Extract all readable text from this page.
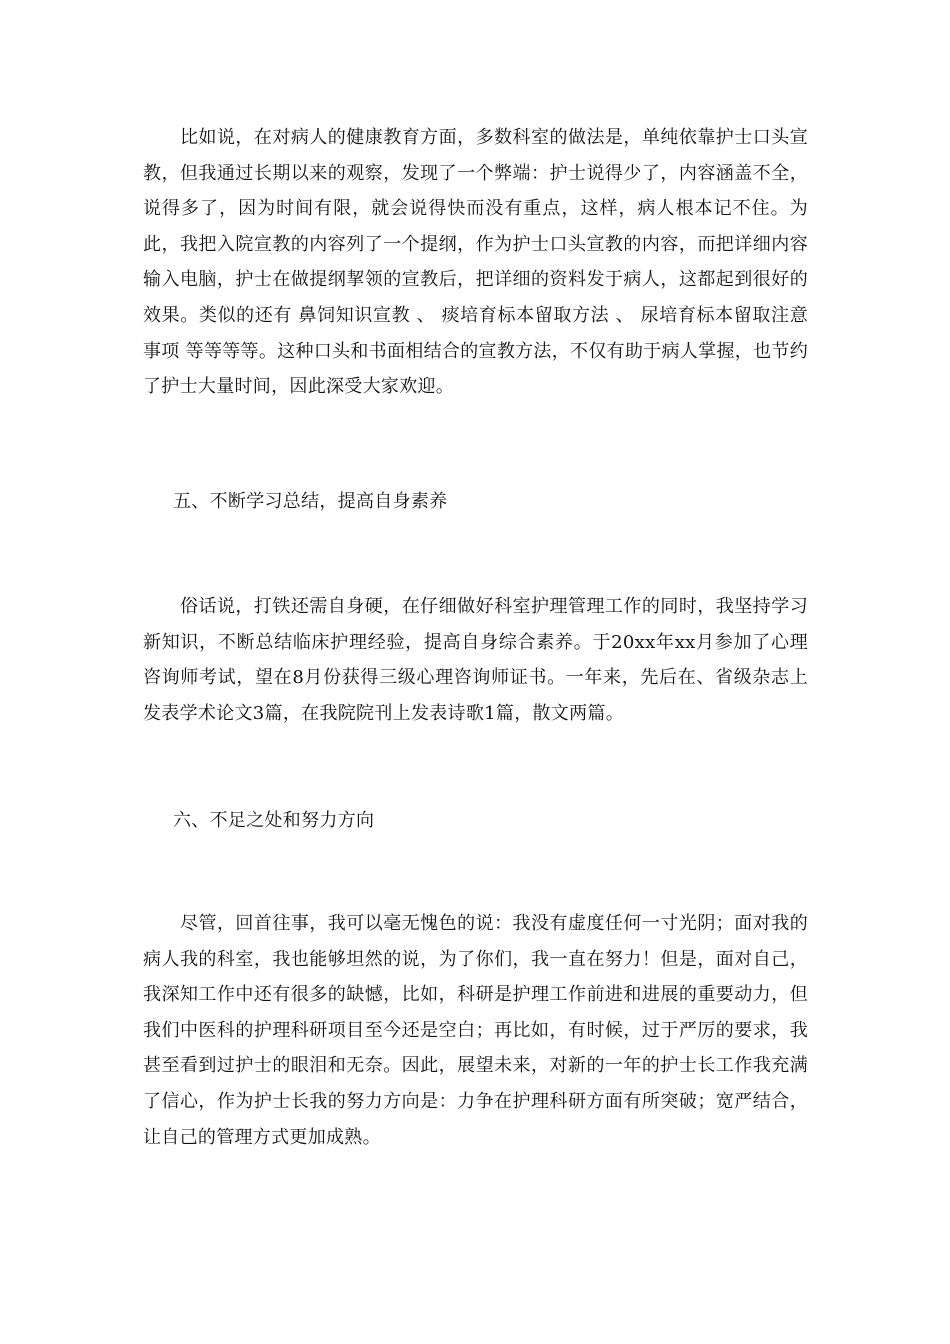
比如说，在对病人的健康教育方面，多数科室的做法是，单纯依靠护士口头宣教，但我通过长期以来的观察，发现了一个弊端：护士说得少了，内容涵盖不全，说得多了，因为时间有限，就会说得快而没有重点，这样，病人根本记不住。为此，我把入院宣教的内容列了一个提纲，作为护士口头宣教的内容，而把详细内容输入电脑，护士在做提纲挈领的宣教后，把详细的资料发于病人，这都起到很好的效果。类似的还有 鼻饲知识宣教 、 痰培育标本留取方法 、 尿培育标本留取注意事项 等等等等。这种口头和书面相结合的宣教方法，不仅有助于病人掌握，也节约了护士大量时间，因此深受大家欢迎。

五、不断学习总结，提高自身素养

俗话说，打铁还需自身硬，在仔细做好科室护理管理工作的同时，我坚持学习新知识，不断总结临床护理经验，提高自身综合素养。于20xx年xx月参加了心理咨询师考试，望在8月份获得三级心理咨询师证书。一年来，先后在、省级杂志上发表学术论文3篇，在我院院刊上发表诗歌1篇，散文两篇。

六、不足之处和努力方向

尽管，回首往事，我可以毫无愧色的说：我没有虚度任何一寸光阴；面对我的病人我的科室，我也能够坦然的说，为了你们，我一直在努力！但是，面对自己，我深知工作中还有很多的缺憾，比如，科研是护理工作前进和进展的重要动力，但我们中医科的护理科研项目至今还是空白；再比如，有时候，过于严厉的要求，我甚至看到过护士的眼泪和无奈。因此，展望未来，对新的一年的护士长工作我充满了信心，作为护士长我的努力方向是：力争在护理科研方面有所突破；宽严结合，让自己的管理方式更加成熟。
